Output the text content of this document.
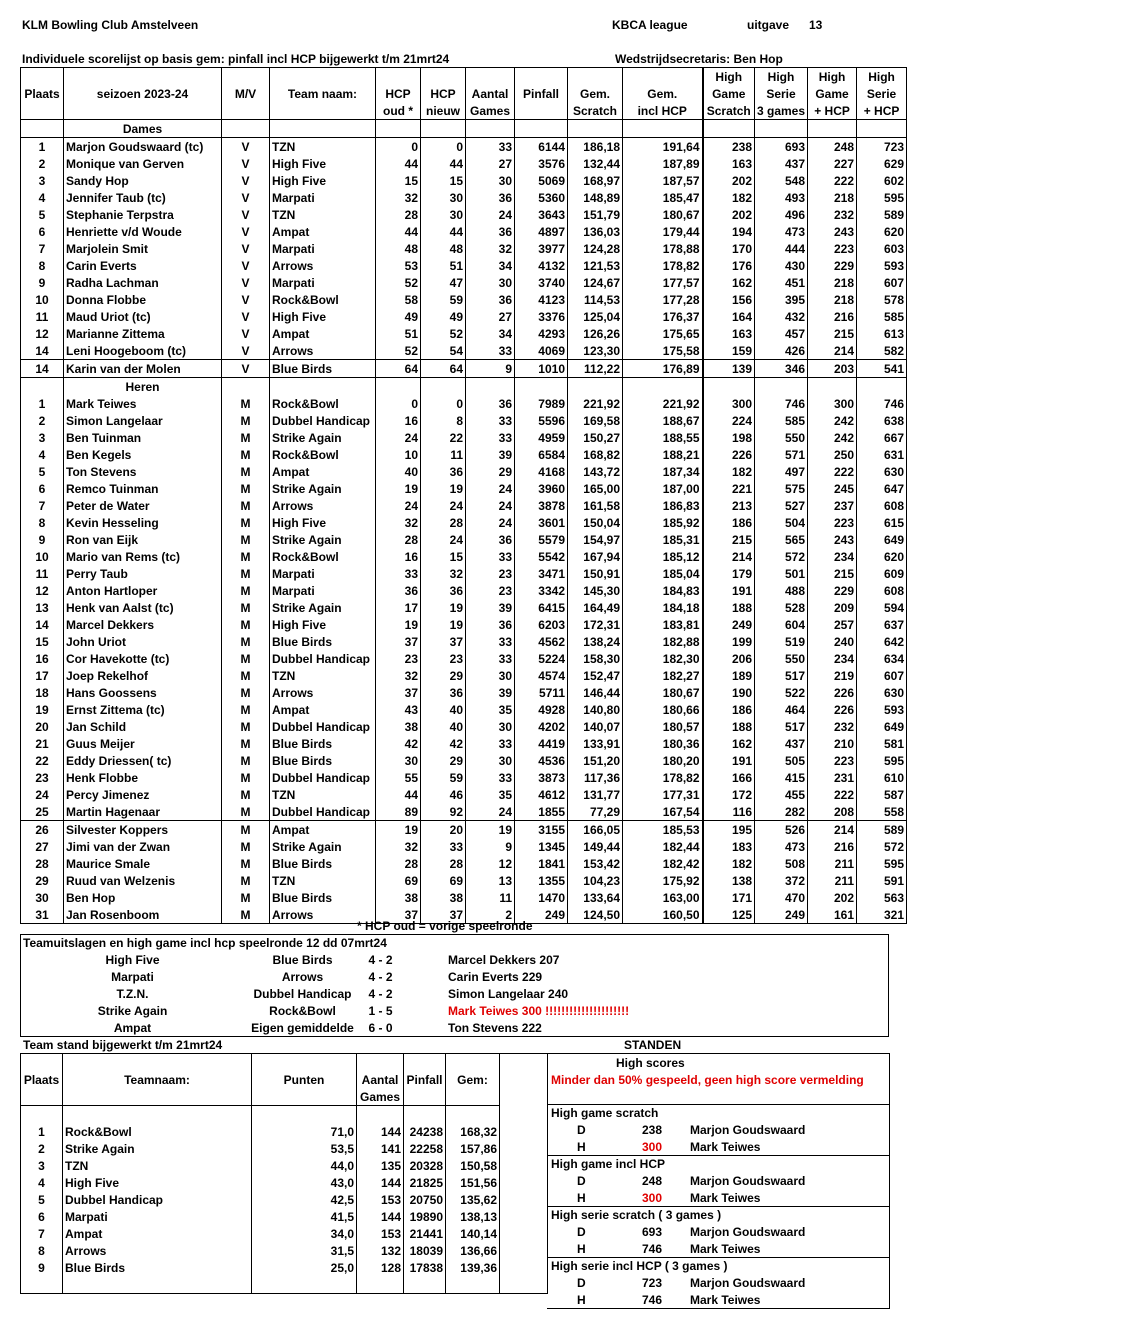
KLM Bowling Club Amstelveen	KBCA league	uitgave 13
Individuele scorelijst op basis gem: pinfall incl HCP bijgewerkt t/m 21mrt24	Wedstrijdsecretaris: Ben Hop
Plaats	seizoen 2023-24	M/V	Team naam:				Pinfall			High	High	High	High
				HCP	HCP	Aantal		Gem.	Gem.	Game	Serie	Game	Serie
				oud *	nieuw	Games		Scratch	incl HCP	Scratch	3 games	+ HCP	+ HCP
	Dames												
1	Marjon Goudswaard (tc)	V	TZN	0	0	33	6144	186,18	191,64	238	693	248	723
2	Monique van Gerven	V	High Five	44	44	27	3576	132,44	187,89	163	437	227	629
3	Sandy Hop	V	High Five	15	15	30	5069	168,97	187,57	202	548	222	602
4	Jennifer Taub (tc)	V	Marpati	32	30	36	5360	148,89	185,47	182	493	218	595
5	Stephanie Terpstra	V	TZN	28	30	24	3643	151,79	180,67	202	496	232	589
6	Henriette v/d Woude	V	Ampat	44	44	36	4897	136,03	179,44	194	473	243	620
7	Marjolein Smit	V	Marpati	48	48	32	3977	124,28	178,88	170	444	223	603
8	Carin Everts	V	Arrows	53	51	34	4132	121,53	178,82	176	430	229	593
9	Radha Lachman	V	Marpati	52	47	30	3740	124,67	177,57	162	451	218	607
10	Donna Flobbe	V	Rock&Bowl	58	59	36	4123	114,53	177,28	156	395	218	578
11	Maud Uriot (tc)	V	High Five	49	49	27	3376	125,04	176,37	164	432	216	585
12	Marianne Zittema	V	Ampat	51	52	34	4293	126,26	175,65	163	457	215	613
14	Leni Hoogeboom (tc)	V	Arrows	52	54	33	4069	123,30	175,58	159	426	214	582
14	Karin van der Molen	V	Blue Birds	64	64	9	1010	112,22	176,89	139	346	203	541
	Heren												
1	Mark Teiwes	M	Rock&Bowl	0	0	36	7989	221,92	221,92	300	746	300	746
2	Simon Langelaar	M	Dubbel Handicap	16	8	33	5596	169,58	188,67	224	585	242	638
3	Ben Tuinman	M	Strike Again	24	22	33	4959	150,27	188,55	198	550	242	667
4	Ben Kegels	M	Rock&Bowl	10	11	39	6584	168,82	188,21	226	571	250	631
5	Ton Stevens	M	Ampat	40	36	29	4168	143,72	187,34	182	497	222	630
6	Remco Tuinman	M	Strike Again	19	19	24	3960	165,00	187,00	221	575	245	647
7	Peter de Water	M	Arrows	24	24	24	3878	161,58	186,83	213	527	237	608
8	Kevin Hesseling	M	High Five	32	28	24	3601	150,04	185,92	186	504	223	615
9	Ron van Eijk	M	Strike Again	28	24	36	5579	154,97	185,31	215	565	243	649
10	Mario van Rems (tc)	M	Rock&Bowl	16	15	33	5542	167,94	185,12	214	572	234	620
11	Perry Taub	M	Marpati	33	32	23	3471	150,91	185,04	179	501	215	609
12	Anton Hartloper	M	Marpati	36	36	23	3342	145,30	184,83	191	488	229	608
13	Henk van Aalst (tc)	M	Strike Again	17	19	39	6415	164,49	184,18	188	528	209	594
14	Marcel Dekkers	M	High Five	19	19	36	6203	172,31	183,81	249	604	257	637
15	John Uriot	M	Blue Birds	37	37	33	4562	138,24	182,88	199	519	240	642
16	Cor Havekotte (tc)	M	Dubbel Handicap	23	23	33	5224	158,30	182,30	206	550	234	634
17	Joep Rekelhof	M	TZN	32	29	30	4574	152,47	182,27	189	517	219	607
18	Hans Goossens	M	Arrows	37	36	39	5711	146,44	180,67	190	522	226	630
19	Ernst Zittema (tc)	M	Ampat	43	40	35	4928	140,80	180,66	186	464	226	593
20	Jan Schild	M	Dubbel Handicap	38	40	30	4202	140,07	180,57	188	517	232	649
21	Guus Meijer	M	Blue Birds	42	42	33	4419	133,91	180,36	162	437	210	581
22	Eddy Driessen( tc)	M	Blue Birds	30	29	30	4536	151,20	180,20	191	505	223	595
23	Henk Flobbe	M	Dubbel Handicap	55	59	33	3873	117,36	178,82	166	415	231	610
24	Percy Jimenez	M	TZN	44	46	35	4612	131,77	177,31	172	455	222	587
25	Martin Hagenaar	M	Dubbel Handicap	89	92	24	1855	77,29	167,54	116	282	208	558
26	Silvester Koppers	M	Ampat	19	20	19	3155	166,05	185,53	195	526	214	589
27	Jimi van der Zwan	M	Strike Again	32	33	9	1345	149,44	182,44	183	473	216	572
28	Maurice Smale	M	Blue Birds	28	28	12	1841	153,42	182,42	182	508	211	595
29	Ruud van Welzenis	M	TZN	69	69	13	1355	104,23	175,92	138	372	211	591
30	Ben Hop	M	Blue Birds	38	38	11	1470	133,64	163,00	171	470	202	563
31	Jan Rosenboom	M	Arrows	37	37	2	249	124,50	160,50	125	249	161	321
* HCP oud = vorige speelronde
Teamuitslagen en high game incl hcp speelronde 12 dd 07mrt24
High Five	Blue Birds	4 - 2	Marcel Dekkers 207
Marpati	Arrows	4 - 2	Carin Everts 229
T.Z.N.	Dubbel Handicap	4 - 2	Simon Langelaar 240
Strike Again	Rock&Bowl	1 - 5	Mark Teiwes 300 !!!!!!!!!!!!!!!!!!!!!
Ampat	Eigen gemiddelde	6 - 0	Ton Stevens 222
Team stand bijgewerkt t/m 21mrt24	STANDEN
Plaats	Teamnaam:	Punten		Pinfall	Gem:	
			Aantal			
			Games			

1	Rock&Bowl	71,0	144	24238	168,32	
2	Strike Again	53,5	141	22258	157,86	
3	TZN	44,0	135	20328	150,58	
4	High Five	43,0	144	21825	151,56	
5	Dubbel Handicap	42,5	153	20750	135,62	
6	Marpati	41,5	144	19890	138,13	
7	Ampat	34,0	153	21441	140,14	
8	Arrows	31,5	132	18039	136,66	
9	Blue Birds	25,0	128	17838	139,36	

High scores
Minder dan 50% gespeeld, geen high score vermelding
High game scratch
D	238 Marjon Goudswaard
H	300 Mark Teiwes
High game incl HCP
D	248 Marjon Goudswaard
H	300 Mark Teiwes
High serie scratch ( 3 games )
D	693 Marjon Goudswaard
H	746 Mark Teiwes
High serie incl HCP ( 3 games )
D	723 Marjon Goudswaard
H	746 Mark Teiwes
